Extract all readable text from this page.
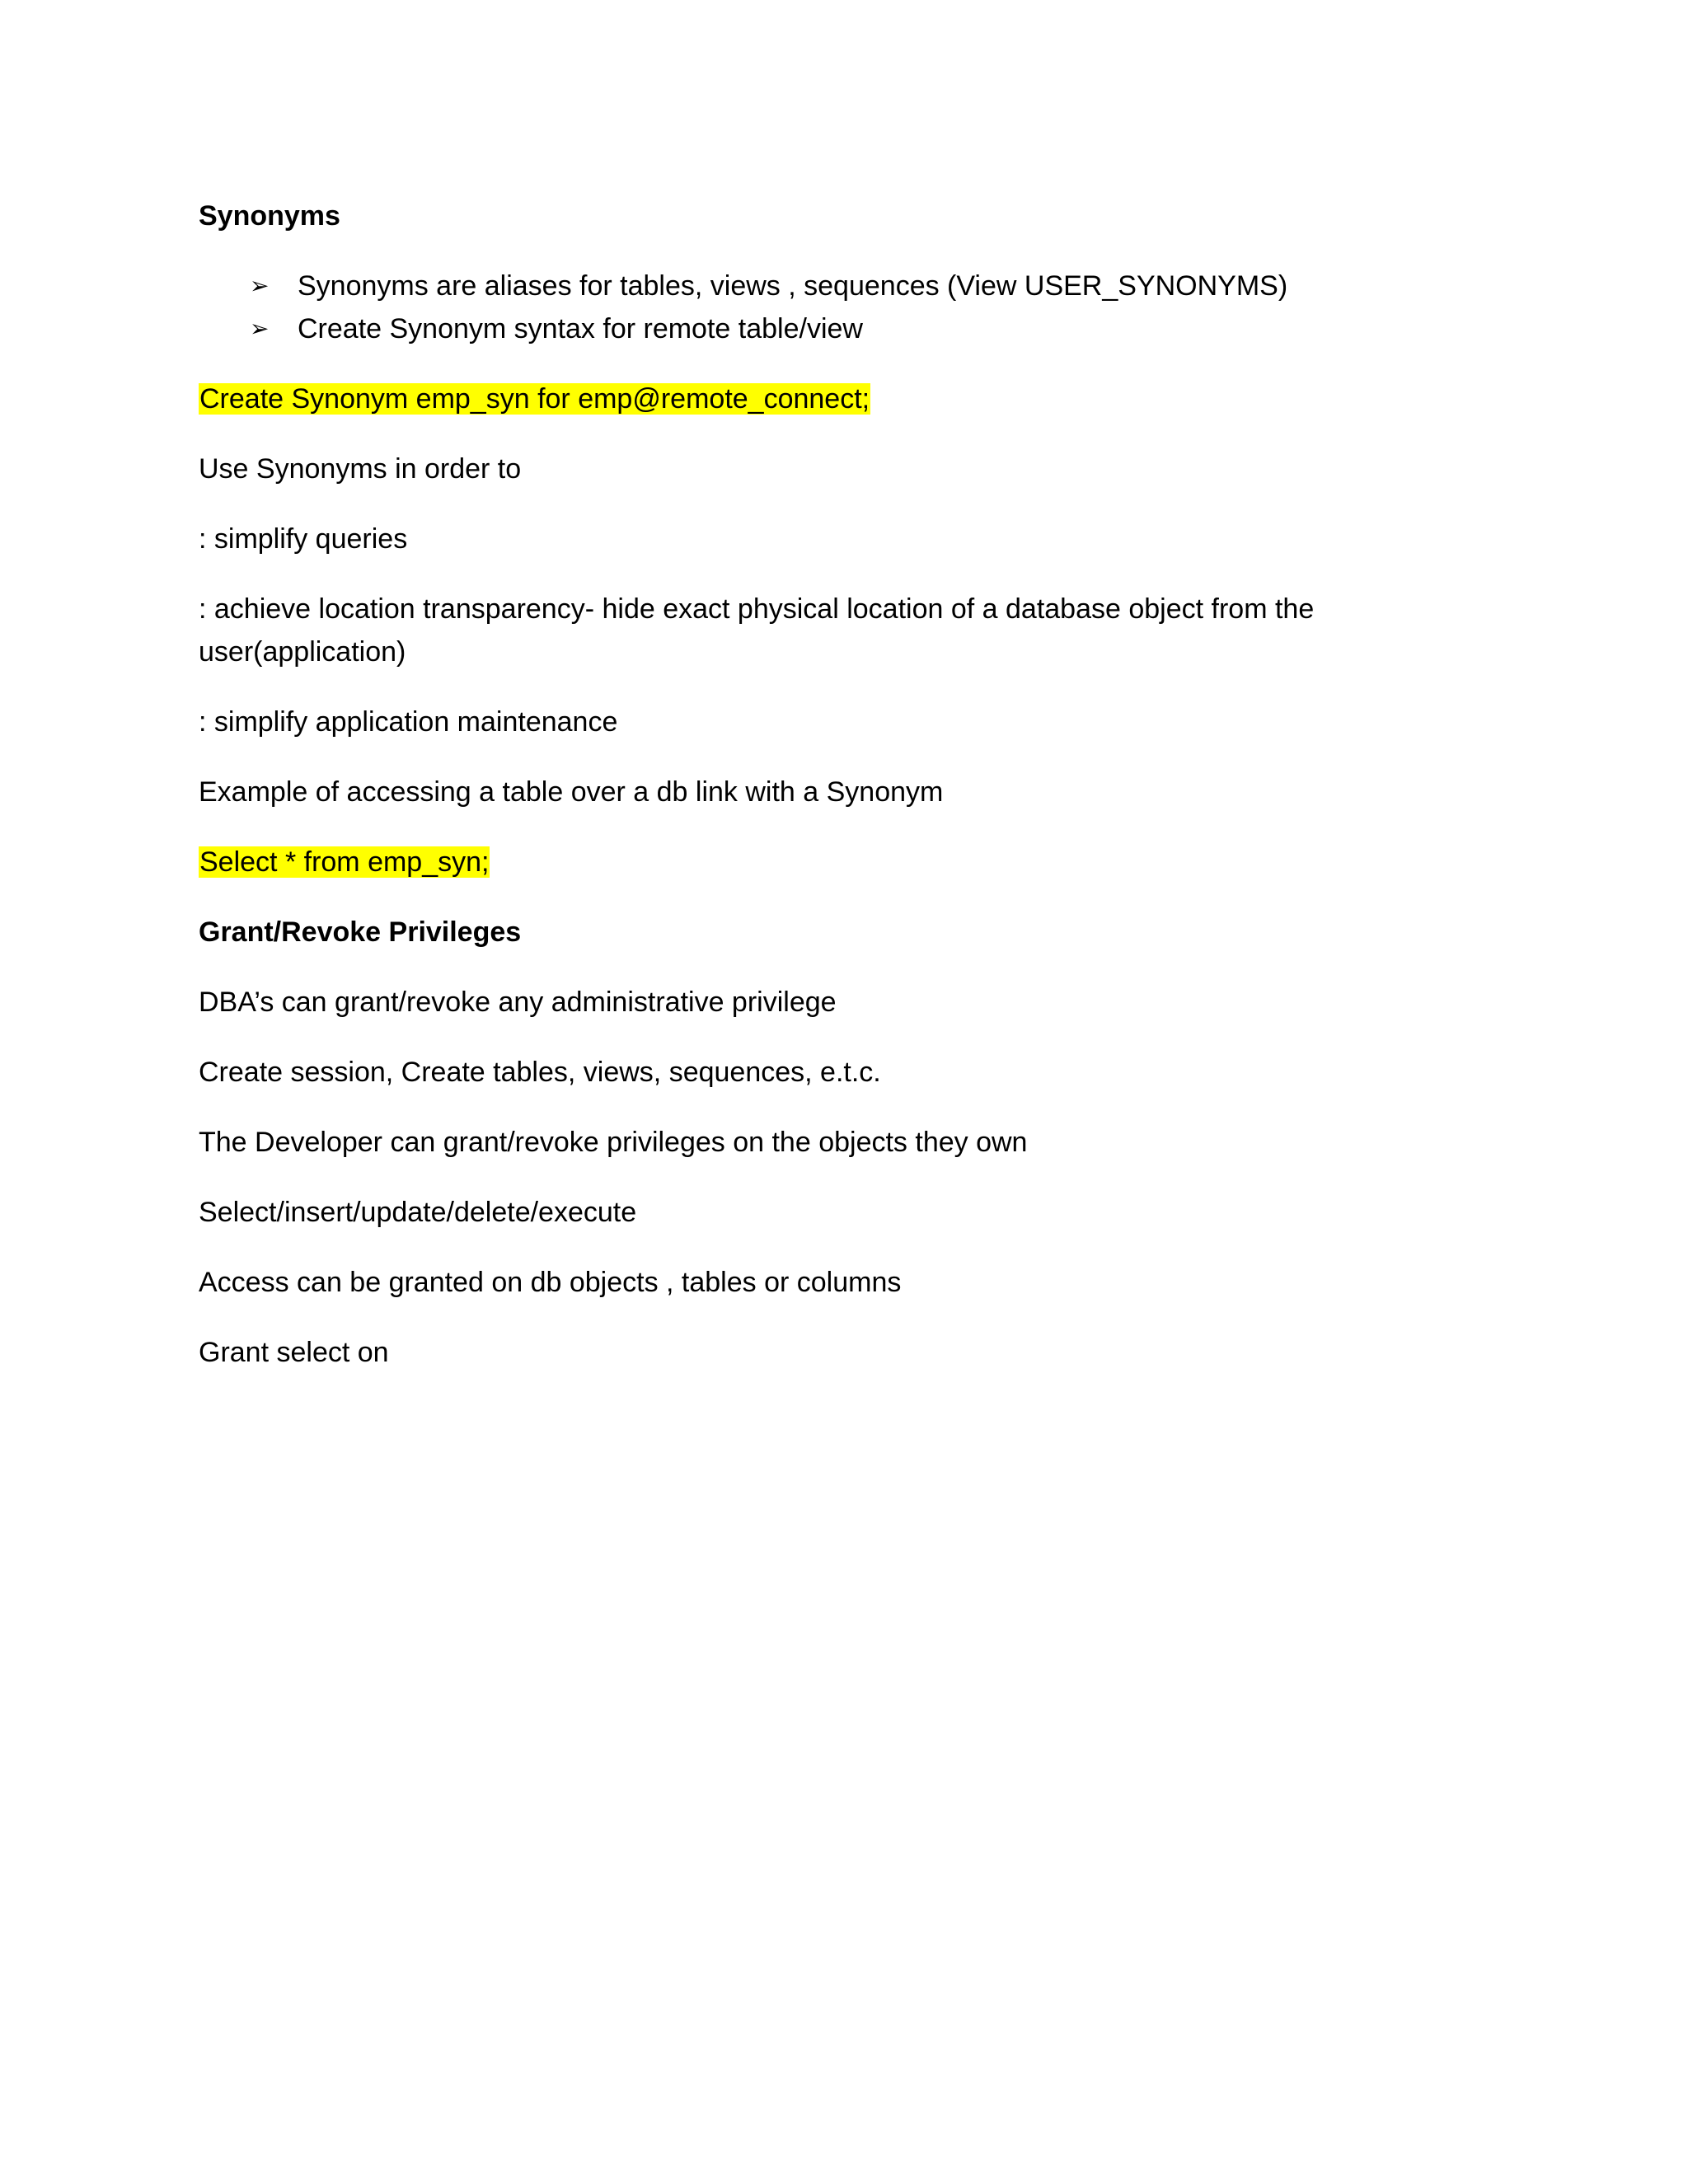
Synonyms

➢ Synonyms are aliases for tables, views , sequences (View USER_SYNONYMS)
➢ Create Synonym syntax for remote table/view

Create Synonym emp_syn for emp@remote_connect;

Use Synonyms in order to

: simplify queries

: achieve location transparency- hide exact physical location of a database object from the user(application)

: simplify application maintenance

Example of accessing a table over a db link with a Synonym

Select * from emp_syn;

Grant/Revoke Privileges

DBA’s can grant/revoke any administrative privilege

Create session, Create tables, views, sequences, e.t.c.

The Developer can grant/revoke privileges on the objects they own

Select/insert/update/delete/execute

Access can be granted on db objects , tables or columns

Grant select on
